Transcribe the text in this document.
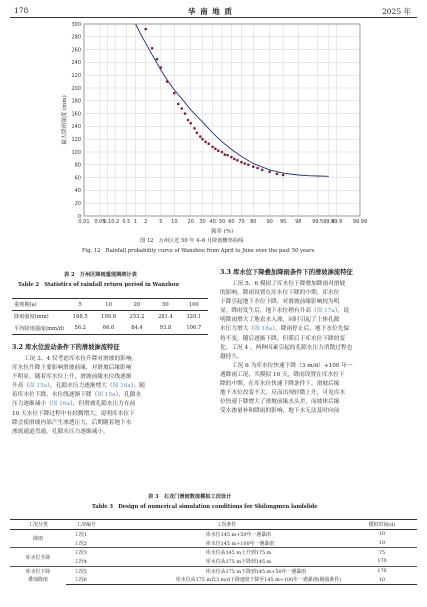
178	华 南 地 质	2025 年
0
20
40
60
80
100
120
140
160
180
200
220
240
260
280
300
0.01 0.05
0.1 0.2 0.5 1 2 5 10 20 30 40 50 60 70 80 90 95 98 99.5 99.8
99.9 99.99
最大降雨强度 (mm)
频率 (%)
图 12　万州区近 50 年 4–6 月降雨概率曲线
Fig. 12　Rainfall probability curve of Wanzhou from April to June over the past 50 years
表 2　万州区降雨重现期统计表
Table 2　Statistics of rainfall return period in Wanzhou
重现期(a)	5	10	20	50	100
降雨强度(mm)	168.5	199.8	253.2	281.4	320.1
平均降雨强度(mm/d)	56.2	66.6	84.4	93.8	106.7
3.2 库水位波动条件下的滑坡渗流特征
工况 3、4 仅考虑库水位升降对滑坡的影响。
库水位升降主要影响滑坡前缘，对滑坡后缘影响
不明显。随着库水位上升，滑坡前缘水位线逐渐
升高（图 15a），孔隙水压力逐渐增大（图 16a）；随
着库水位下降，水位线逐渐下降（图 15a），孔隙水
压力逐渐减小（图 16a），但滑坡孔隙水压力在前
10 天水位下降过程中有轻微增大，说明库水位下
降会使滑坡内部产生渗透压力，后期随着地下水
渗流通道贯通，孔隙水压力逐渐减小。
3.3 库水位下降叠加降雨条件下的滑坡渗流特征
工况 5、6 模拟了库水位下降叠加降雨对滑坡
的影响，降雨设置在库水位下降的中期。库水位
下降引起地下水位下降，对滑坡前缘影响较为明
显。降雨发生后，地下水位稍有升高（图 17a），说
明降雨增大了地表水入渗，同时引起了土体孔隙
水压力增大（图 18a）。降雨停止后，地下水位先保
持不变，随后逐渐下降，但滞后于库水位下降的变
化。工况 4 ，两种因素引起的孔隙水压力消散过程也
越持久。
工况 6 为库水位快速下降（3 m/d）+100 年一
遇降雨工况，共模拟 10 天，降雨设置在库水位下
降的中期。在库水位快速下降条件下，滑坡后缘
地下水位改变不大，反而出现轻微上升，可见库水
位快速下降增大了滑坡前缘水头差，而坡体后缘
受水渗量补和降雨的影响，地下水无法及时向前
表 3　石龙门滑坡数值模拟工况设计
Table 3　Design of numerical simulation conditions for Shilongmen landslide
工况分类	工况编号	工况条件	模拟时间(d)
降雨	工况1	库水位145 m+50年一遇暴雨	10
	工况2	库水位145 m+100年一遇暴雨	10
库水位升降	工况3	库水位从145 m上升到175 m	75
	工况4	库水位从175 m下降到145 m	170
库水位下降
叠加降雨	工况5	库水位从175 m下降到145 m+50年一遇暴雨	170
	工况6	库水位从175 m以3 m/d下降速度下降至145 m+100年一遇暴雨(极端条件)	10
